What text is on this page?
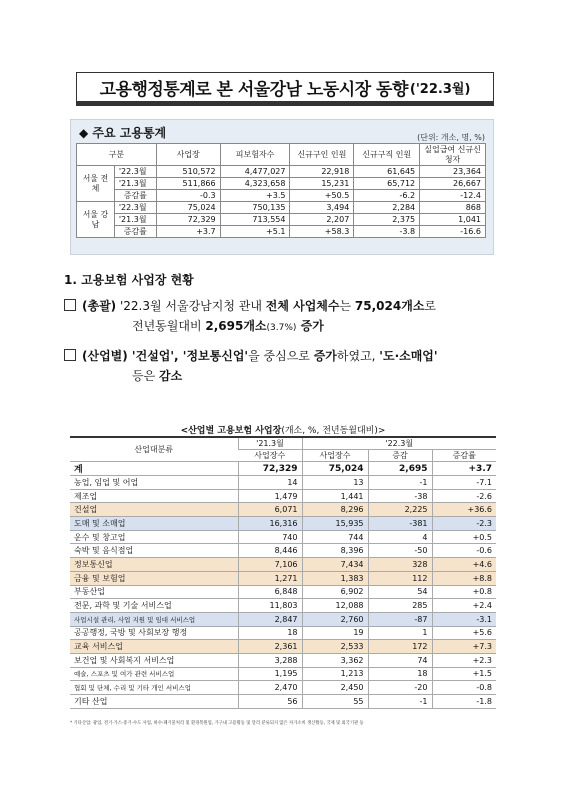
고용행정통계로 본 서울강남 노동시장 동향 ('22.3월)
◆ 주요 고용통계	(단위: 개소, 명, %)
구분		사업장	피보험자수	신규구인 인원	신규구직 인원	실업급여 신규신청자
서울 전체	'22.3월	510,572	4,477,027	22,918	61,645	23,364
	'21.3월	511,866	4,323,658	15,231	65,712	26,667
	증감률	-0.3	+3.5	+50.5	-6.2	-12.4
서울 강남	'22.3월	75,024	750,135	3,494	2,284	868
	'21.3월	72,329	713,554	2,207	2,375	1,041
	증감률	+3.7	+5.1	+58.3	-3.8	-16.6
1. 고용보험 사업장 현황
(총괄) '22.3월 서울강남지청 관내 전체 사업체수는 75,024개소로
전년동월대비 2,695개소(3.7%) 증가
(산업별) '건설업', '정보통신업'을 중심으로 증가하였고, '도·소매업'
등은 감소
<산업별 고용보험 사업장(개소, %, 전년동월대비)>
산업대분류	'21.3월	'22.3월		
	사업장수	사업장수	증감	증감률
계	72,329	75,024	2,695	+3.7
농업, 임업 및 어업	14	13	-1	-7.1
제조업	1,479	1,441	-38	-2.6
건설업	6,071	8,296	2,225	+36.6
도매 및 소매업	16,316	15,935	-381	-2.3
운수 및 창고업	740	744	4	+0.5
숙박 및 음식점업	8,446	8,396	-50	-0.6
정보통신업	7,106	7,434	328	+4.6
금융 및 보험업	1,271	1,383	112	+8.8
부동산업	6,848	6,902	54	+0.8
전문, 과학 및 기술 서비스업	11,803	12,088	285	+2.4
사업시설 관리, 사업 지원 및 임대 서비스업	2,847	2,760	-87	-3.1
공공행정, 국방 및 사회보장 행정	18	19	1	+5.6
교육 서비스업	2,361	2,533	172	+7.3
보건업 및 사회복지 서비스업	3,288	3,362	74	+2.3
예술, 스포츠 및 여가 관련 서비스업	1,195	1,213	18	+1.5
협회 및 단체, 수리 및 기타 개인 서비스업	2,470	2,450	-20	-0.8
기타 산업	56	55	-1	-1.8
* 기타산업: 광업, 전기·가스·증기·수도 사업, 하수·폐기물처리 및 환경복원업, 가구내 고용활동 및 달리 분류되지 않은 자가소비 생산활동, 국제 및 외국기관 등
